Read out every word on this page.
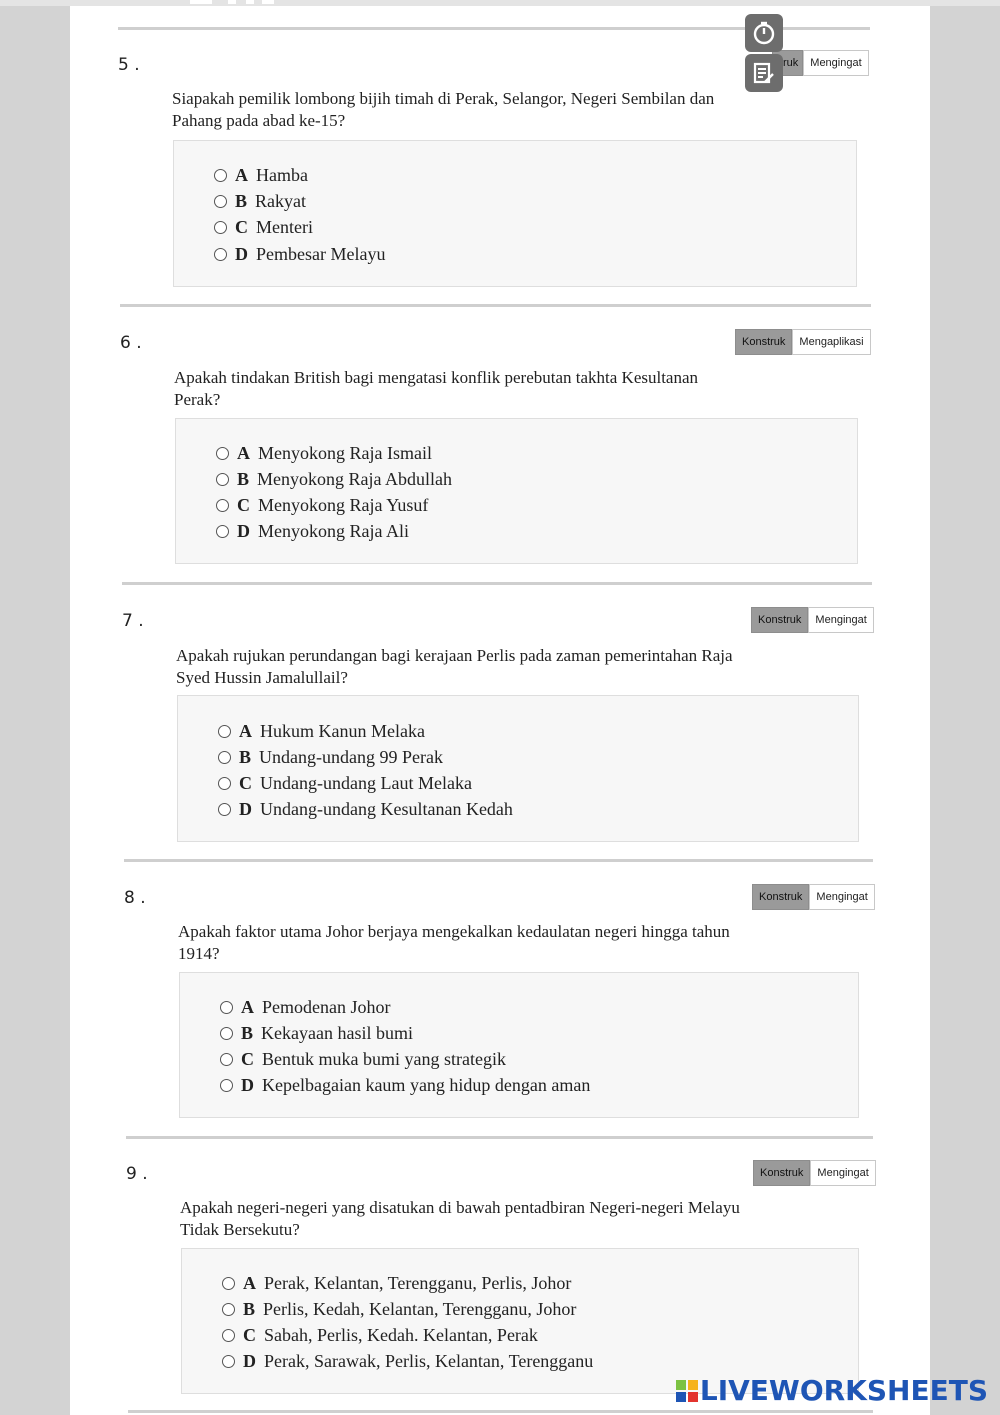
5 .	ruk	Mengingat
Siapakah pemilik lombong bijih timah di Perak, Selangor, Negeri Sembilan dan
Pahang pada abad ke-15?
A Hamba
B Rakyat
C Menteri
D Pembesar Melayu
6 .	Konstruk	Mengaplikasi
Apakah tindakan British bagi mengatasi konflik perebutan takhta Kesultanan
Perak?
A Menyokong Raja Ismail
B Menyokong Raja Abdullah
C Menyokong Raja Yusuf
D Menyokong Raja Ali
7 .	Konstruk	Mengingat
Apakah rujukan perundangan bagi kerajaan Perlis pada zaman pemerintahan Raja
Syed Hussin Jamalullail?
A Hukum Kanun Melaka
B Undang-undang 99 Perak
C Undang-undang Laut Melaka
D Undang-undang Kesultanan Kedah
8 .	Konstruk	Mengingat
Apakah faktor utama Johor berjaya mengekalkan kedaulatan negeri hingga tahun
1914?
A Pemodenan Johor
B Kekayaan hasil bumi
C Bentuk muka bumi yang strategik
D Kepelbagaian kaum yang hidup dengan aman
9 .	Konstruk	Mengingat
Apakah negeri-negeri yang disatukan di bawah pentadbiran Negeri-negeri Melayu
Tidak Bersekutu?
A Perak, Kelantan, Terengganu, Perlis, Johor
B Perlis, Kedah, Kelantan, Terengganu, Johor
C Sabah, Perlis, Kedah. Kelantan, Perak
D Perak, Sarawak, Perlis, Kelantan, Terengganu
LIVEWORKSHEETS
